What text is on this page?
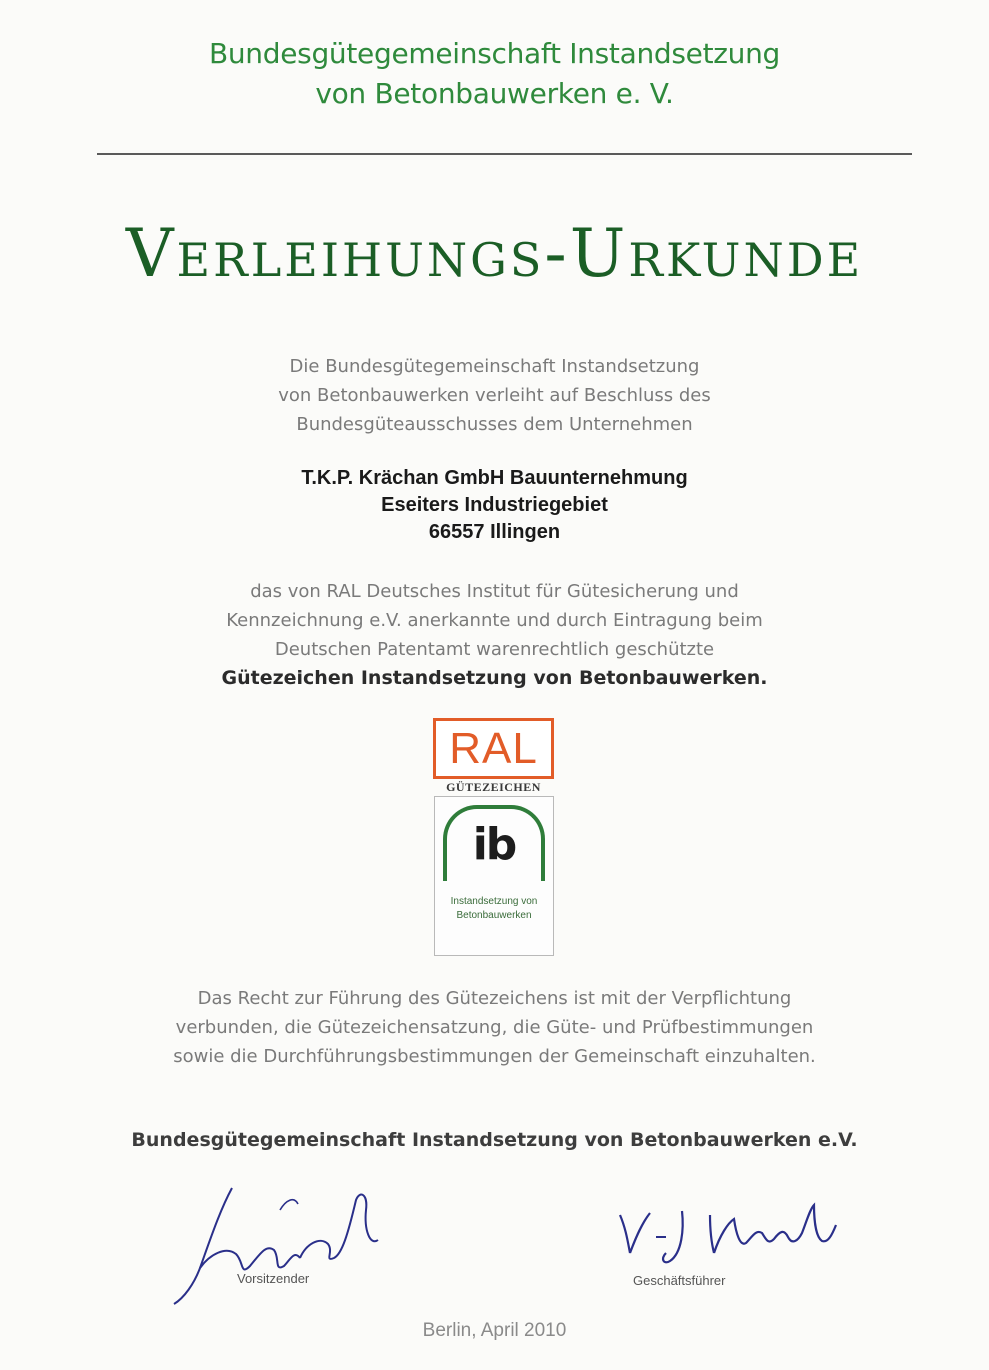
Bundesgütegemeinschaft Instandsetzung
von Betonbauwerken e. V.
Verleihungs-Urkunde
Die Bundesgütegemeinschaft Instandsetzung
von Betonbauwerken verleiht auf Beschluss des
Bundesgüteausschusses dem Unternehmen
T.K.P. Krächan GmbH Bauunternehmung
Eseiters Industriegebiet
66557 Illingen
das von RAL Deutsches Institut für Gütesicherung und
Kennzeichnung e.V. anerkannte und durch Eintragung beim
Deutschen Patentamt warenrechtlich geschützte
Gütezeichen Instandsetzung von Betonbauwerken.
RAL
GÜTEZEICHEN
ib
Instandsetzung von
Betonbauwerken
Das Recht zur Führung des Gütezeichens ist mit der Verpflichtung
verbunden, die Gütezeichensatzung, die Güte- und Prüfbestimmungen
sowie die Durchführungsbestimmungen der Gemeinschaft einzuhalten.
Bundesgütegemeinschaft Instandsetzung von Betonbauwerken e.V.
Vorsitzender	Geschäftsführer
Berlin, April 2010
